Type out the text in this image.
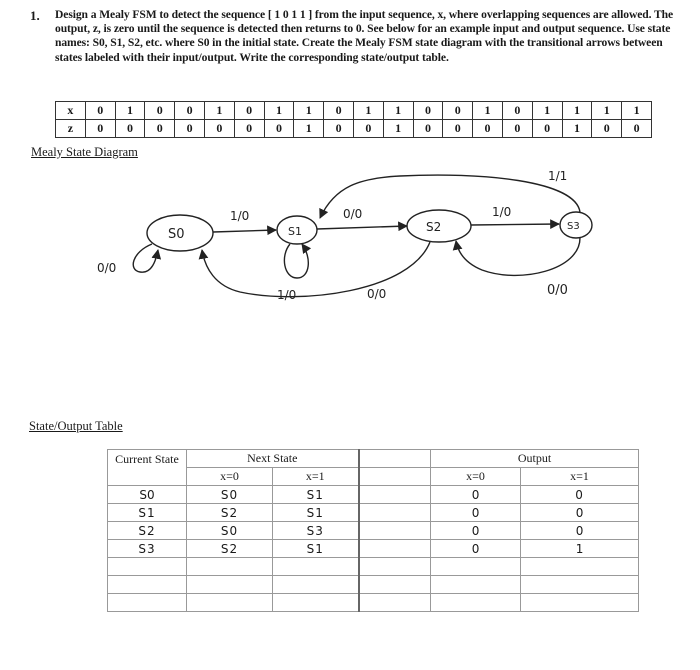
1. Design a Mealy FSM to detect the sequence [ 1 0 1 1 ] from the input sequence, x, where overlapping sequences are allowed. The output, z, is zero until the sequence is detected then returns to 0. See below for an example input and output sequence. Use state names: S0, S1, S2, etc. where S0 in the initial state. Create the Mealy FSM state diagram with the transitional arrows between states labeled with their input/output. Write the corresponding state/output table.
x	0	1	0	0	1	0	1	1	0	1	1	0	0	1	0	1	1	1	1
z	0	0	0	0	0	0	0	1	0	0	1	0	0	0	0	0	1	0	0
Mealy State Diagram
S0	S1	S2	S3
0/0
1/0
1/0
0/0	1/0
1/1
0/0	0/0
State/Output Table
Current State	Next State			Output	
	x=0	x=1		x=0	x=1
S0	S0	S1		0	0
S1	S2	S1		0	0
S2	S0	S3		0	0
S3	S2	S1		0	1
